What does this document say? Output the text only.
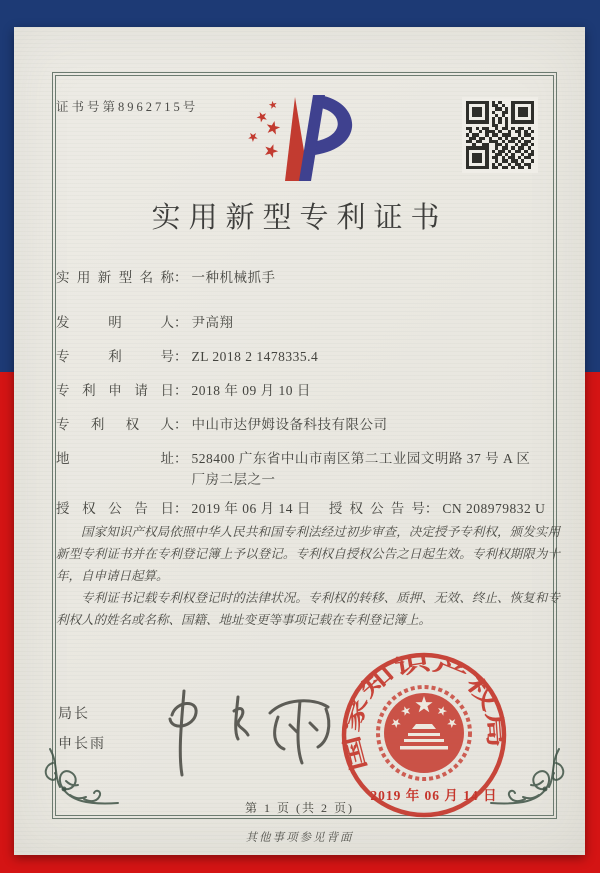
证书号第8962715号
实用新型专利证书
实用新型名称 ： 一种机械抓手
发明人 ： 尹高翔
专利号 ： ZL 2018 2 1478335.4
专利申请日 ： 2018 年 09 月 10 日
专利权人 ： 中山市达伊姆设备科技有限公司
地址 ： 528400 广东省中山市南区第二工业园文明路 37 号 A 区厂房二层之一
授权公告日 ： 2019 年 06 月 14 日 授权公告号 ： CN 208979832 U

国家知识产权局依照中华人民共和国专利法经过初步审查，决定授予专利权，颁发实用新型专利证书并在专利登记簿上予以登记。专利权自授权公告之日起生效。专利权期限为十年，自申请日起算。

专利证书记载专利权登记时的法律状况。专利权的转移、质押、无效、终止、恢复和专利权人的姓名或名称、国籍、地址变更等事项记载在专利登记簿上。

局长
申长雨
国家知识产权局
2019 年 06 月 14 日
第 1 页 (共 2 页)
其他事项参见背面
